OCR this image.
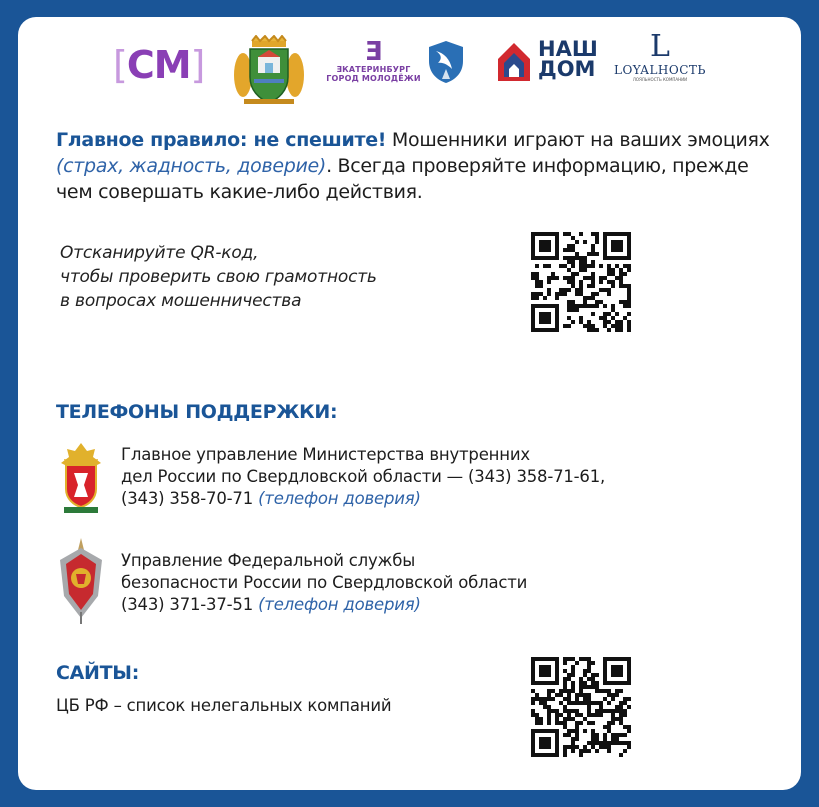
[CM]	Ǝ
ƎКАТЕРИНБУРГ
ГОРОД МОЛОДЁЖИ
НАШ
ДОМ
L
LOYALНОСТЬ
ЛОЯЛЬНОСТЬ КОМПАНИИ
Главное правило: не спешите! Мошенники играют на ваших эмоциях (страх, жадность, доверие). Всегда проверяйте информацию, прежде чем совершать какие-либо действия.
Отсканируйте QR-код,
чтобы проверить свою грамотность
в вопросах мошенничества
ТЕЛЕФОНЫ ПОДДЕРЖКИ:
Главное управление Министерства внутренних
дел России по Свердловской области — (343) 358-71-61,
(343) 358-70-71 (телефон доверия)
Управление Федеральной службы
безопасности России по Свердловской области
(343) 371-37-51 (телефон доверия)
САЙТЫ:
ЦБ РФ – список нелегальных компаний
